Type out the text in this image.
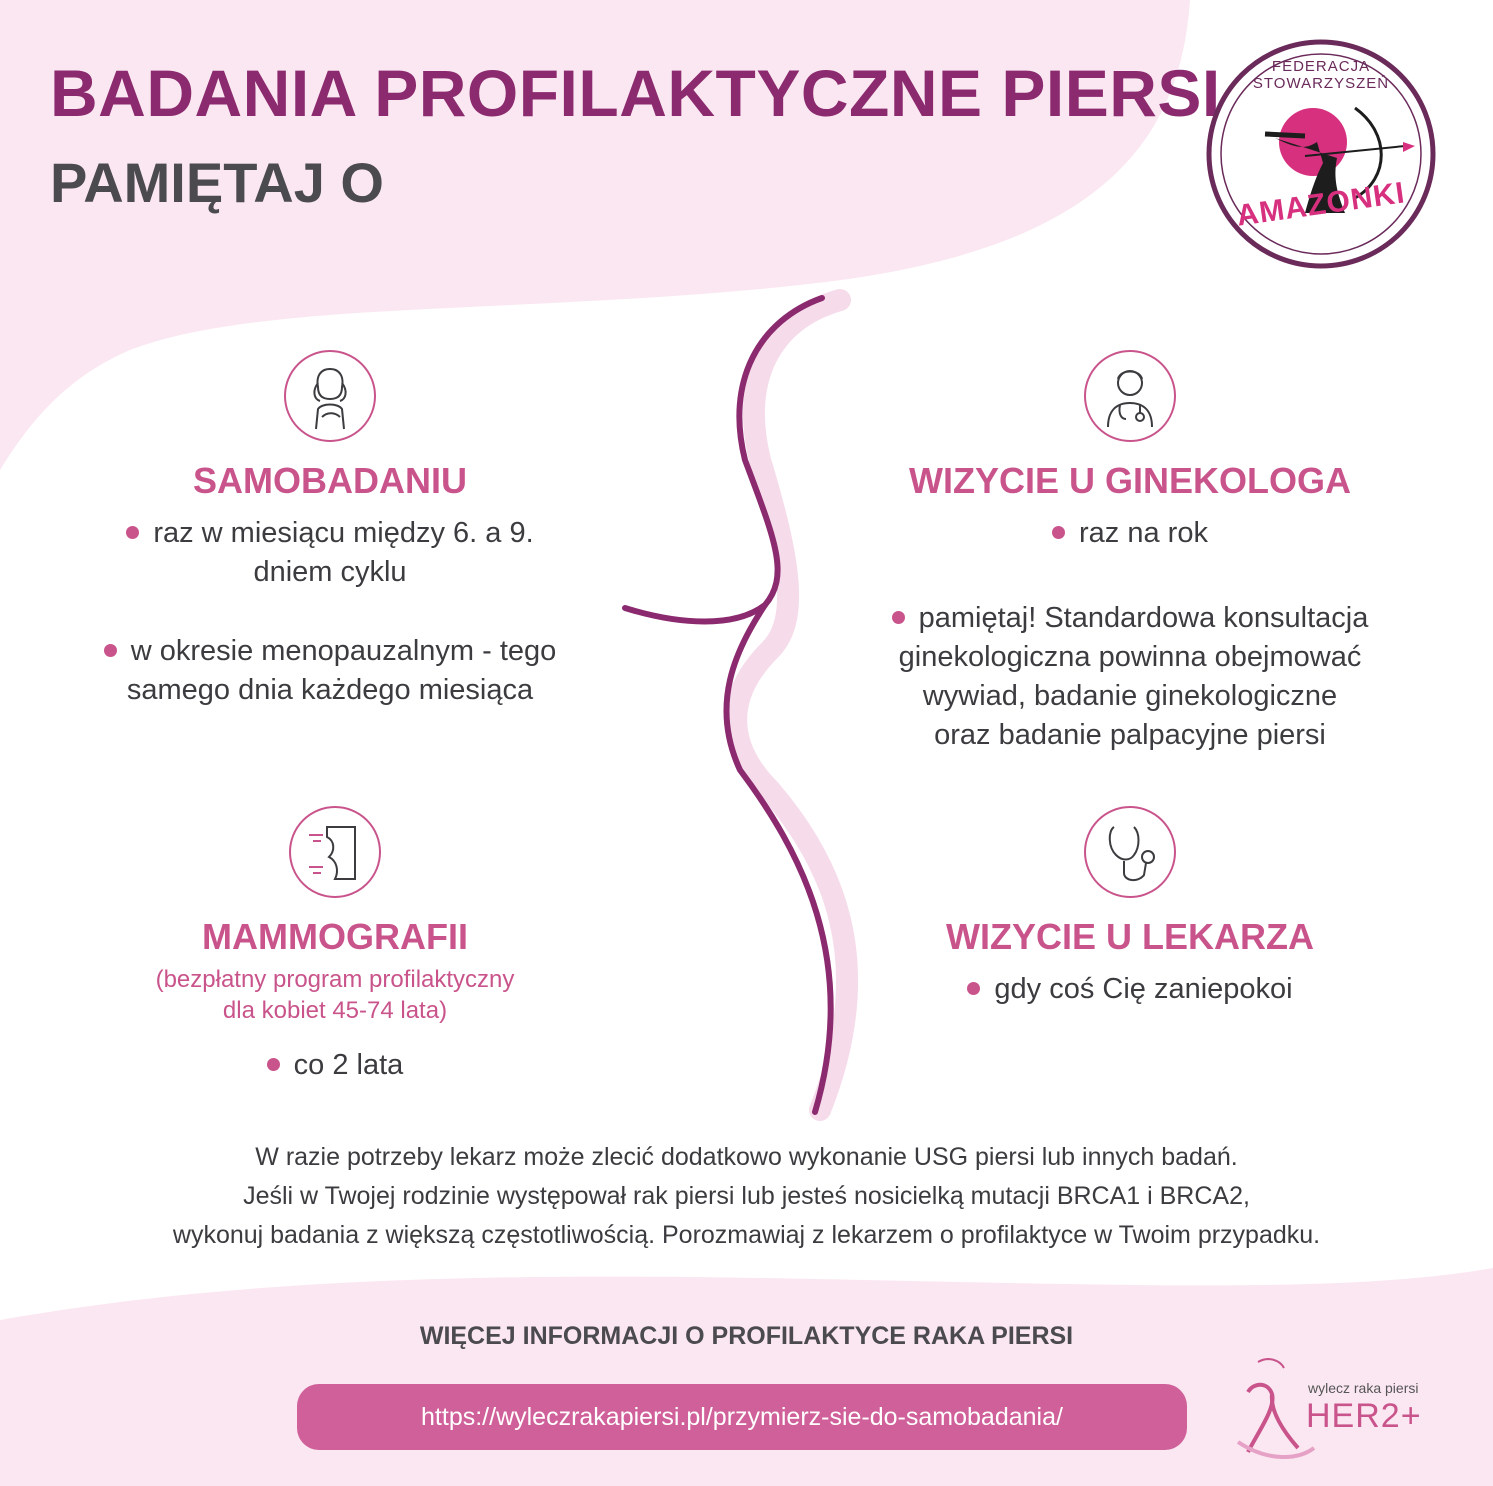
BADANIA PROFILAKTYCZNE PIERSI
PAMIĘTAJ O
FEDERACJA STOWARZYSZEŃ
AMAZONKI
SAMOBADANIU
raz w miesiącu między 6. a 9.
dniem cyklu
w okresie menopauzalnym - tego
samego dnia każdego miesiąca
WIZYCIE U GINEKOLOGA
raz na rok
pamiętaj! Standardowa konsultacja
ginekologiczna powinna obejmować
wywiad, badanie ginekologiczne
oraz badanie palpacyjne piersi
MAMMOGRAFII
(bezpłatny program profilaktyczny
dla kobiet 45-74 lata)
co 2 lata
WIZYCIE U LEKARZA
gdy coś Cię zaniepokoi
W razie potrzeby lekarz może zlecić dodatkowo wykonanie USG piersi lub innych badań.
Jeśli w Twojej rodzinie występował rak piersi lub jesteś nosicielką mutacji BRCA1 i BRCA2,
wykonuj badania z większą częstotliwością. Porozmawiaj z lekarzem o profilaktyce w Twoim przypadku.
WIĘCEJ INFORMACJI O PROFILAKTYCE RAKA PIERSI
https://wyleczrakapiersi.pl/przymierz-sie-do-samobadania/
wylecz raka piersi
HER2+
